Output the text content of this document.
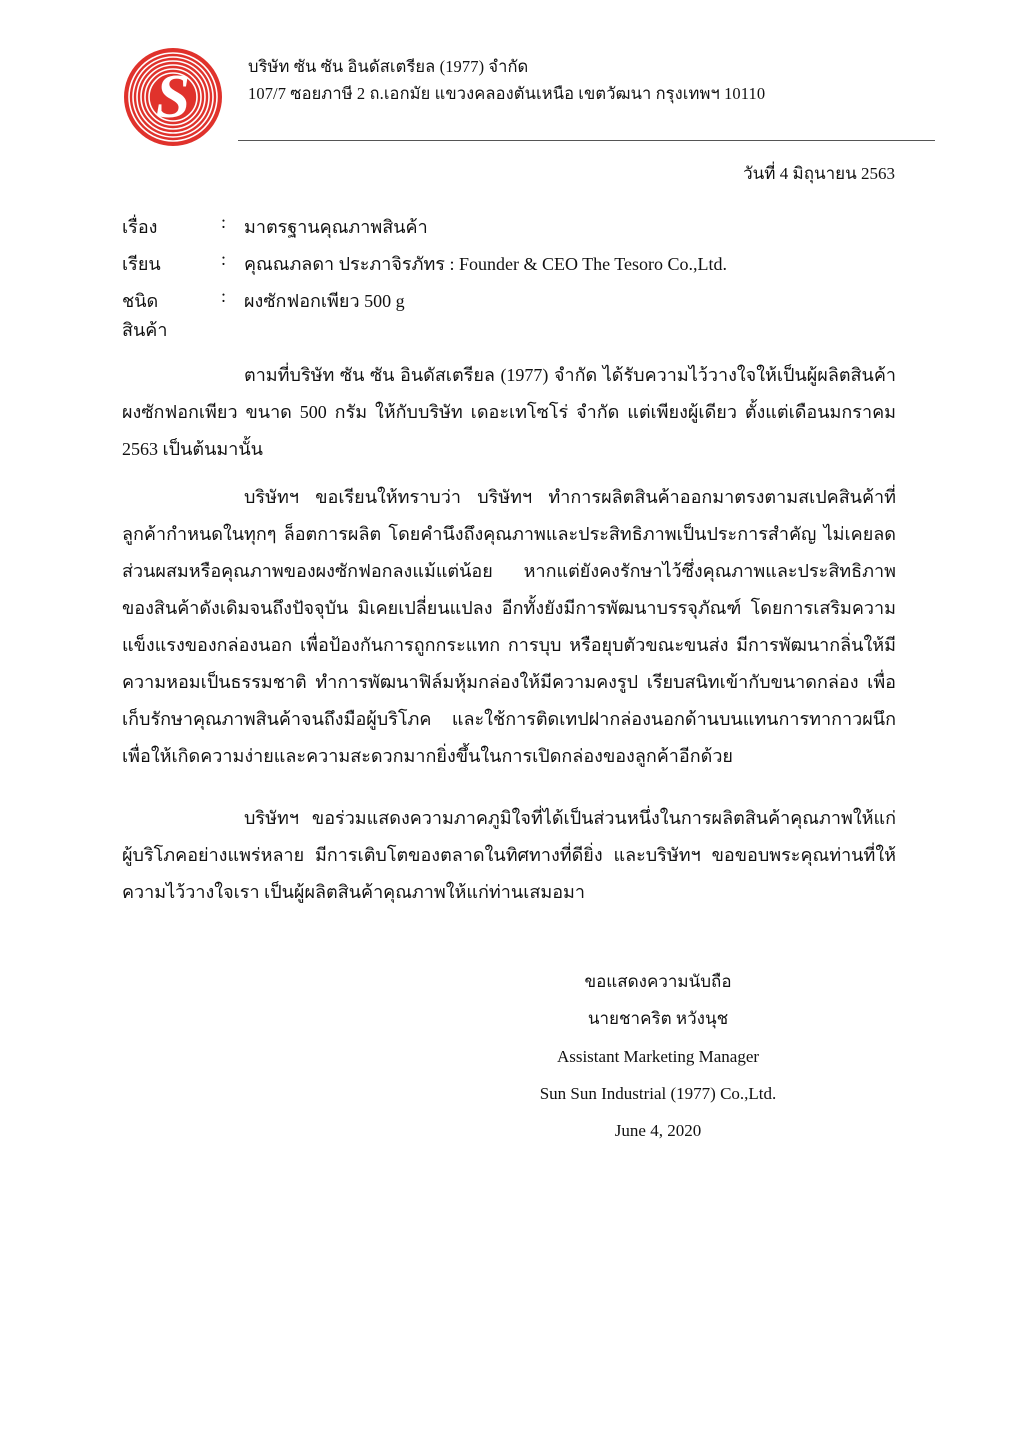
S	บริษัท ซัน ซัน อินดัสเตรียล (1977) จำกัด
107/7 ซอยภาษี 2 ถ.เอกมัย แขวงคลองตันเหนือ เขตวัฒนา กรุงเทพฯ 10110
วันที่ 4 มิถุนายน 2563
เรื่อง	: มาตรฐานคุณภาพสินค้า
เรียน	: คุณณภลดา ประภาจิรภัทร : Founder & CEO The Tesoro Co.,Ltd.
ชนิดสินค้า
: ผงซักฟอกเพียว 500 g

ตามที่บริษัท ซัน ซัน อินดัสเตรียล (1977) จำกัด ได้รับความไว้วางใจให้เป็นผู้ผลิตสินค้า ผงซักฟอกเพียว ขนาด 500 กรัม ให้กับบริษัท เดอะเทโซโร่ จำกัด แต่เพียงผู้เดียว ตั้งแต่เดือนมกราคม 2563 เป็นต้นมานั้น

บริษัทฯ ขอเรียนให้ทราบว่า บริษัทฯ ทำการผลิตสินค้าออกมาตรงตามสเปคสินค้าที่ลูกค้ากำหนดในทุกๆ ล็อตการผลิต โดยคำนึงถึงคุณภาพและประสิทธิภาพเป็นประการสำคัญ ไม่เคยลดส่วนผสมหรือคุณภาพของผงซักฟอกลงแม้แต่น้อย หากแต่ยังคงรักษาไว้ซึ่งคุณภาพและประสิทธิภาพของสินค้าดังเดิมจนถึงปัจจุบัน มิเคยเปลี่ยนแปลง อีกทั้งยังมีการพัฒนาบรรจุภัณฑ์ โดยการเสริมความแข็งแรงของกล่องนอก เพื่อป้องกันการถูกกระแทก การบุบ หรือยุบตัวขณะขนส่ง มีการพัฒนากลิ่นให้มีความหอมเป็นธรรมชาติ ทำการพัฒนาฟิล์มหุ้มกล่องให้มีความคงรูป เรียบสนิทเข้ากับขนาดกล่อง เพื่อเก็บรักษาคุณภาพสินค้าจนถึงมือผู้บริโภค และใช้การติดเทปฝากล่องนอกด้านบนแทนการทากาวผนึก เพื่อให้เกิดความง่ายและความสะดวกมากยิ่งขึ้นในการเปิดกล่องของลูกค้าอีกด้วย

บริษัทฯ ขอร่วมแสดงความภาคภูมิใจที่ได้เป็นส่วนหนึ่งในการผลิตสินค้าคุณภาพให้แก่ผู้บริโภคอย่างแพร่หลาย มีการเติบโตของตลาดในทิศทางที่ดียิ่ง และบริษัทฯ ขอขอบพระคุณท่านที่ให้ความไว้วางใจเรา เป็นผู้ผลิตสินค้าคุณภาพให้แก่ท่านเสมอมา

ขอแสดงความนับถือ
นายชาคริต หวังนุช
Assistant Marketing Manager
Sun Sun Industrial (1977) Co.,Ltd.
June 4, 2020
